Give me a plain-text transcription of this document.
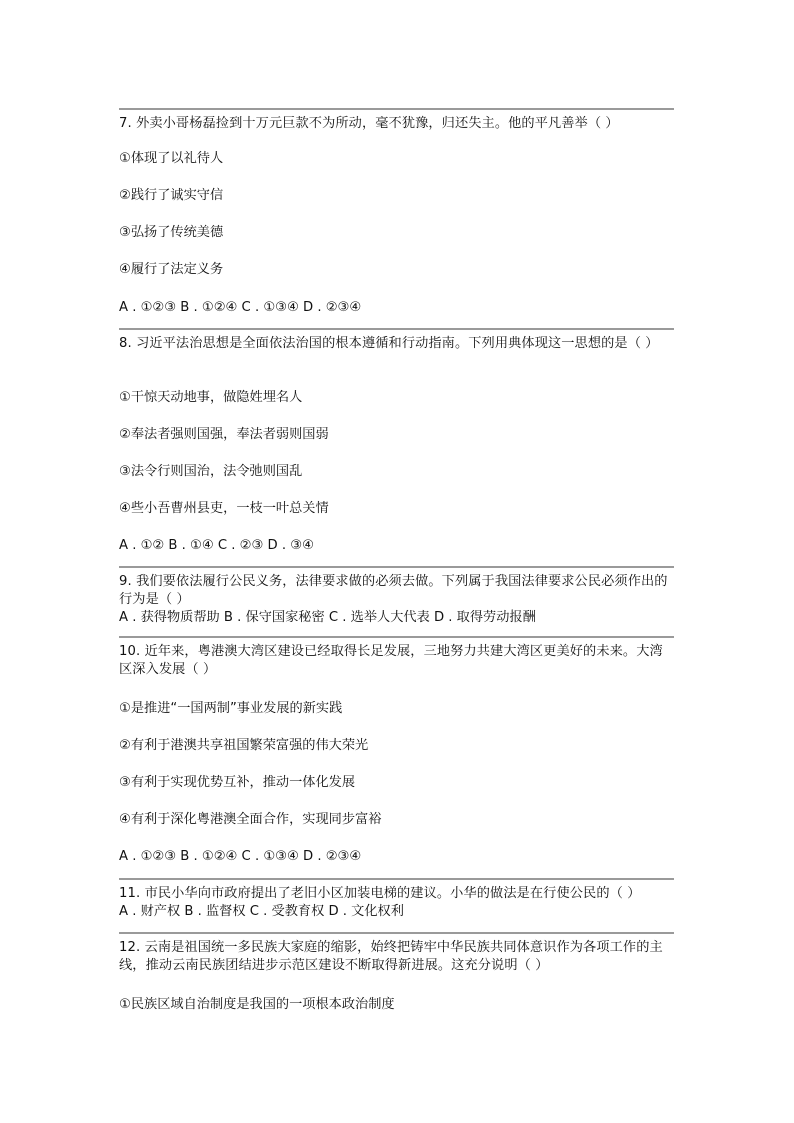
7. 外卖小哥杨磊捡到十万元巨款不为所动，毫不犹豫，归还失主。他的平凡善举（ ）
①体现了以礼待人
②践行了诚实守信
③弘扬了传统美德
④履行了法定义务
A . ①②③ B . ①②④ C . ①③④ D . ②③④
8. 习近平法治思想是全面依法治国的根本遵循和行动指南。下列用典体现这一思想的是（ ）
①干惊天动地事，做隐姓埋名人
②奉法者强则国强，奉法者弱则国弱
③法令行则国治，法令弛则国乱
④些小吾曹州县吏，一枝一叶总关情
A . ①② B . ①④ C . ②③ D . ③④
9. 我们要依法履行公民义务，法律要求做的必须去做。下列属于我国法律要求公民必须作出的行为是（ ）
A . 获得物质帮助 B . 保守国家秘密 C . 选举人大代表 D . 取得劳动报酬
10. 近年来，粤港澳大湾区建设已经取得长足发展，三地努力共建大湾区更美好的未来。大湾区深入发展（ ）
①是推进“一国两制”事业发展的新实践
②有利于港澳共享祖国繁荣富强的伟大荣光
③有利于实现优势互补，推动一体化发展
④有利于深化粤港澳全面合作，实现同步富裕
A . ①②③ B . ①②④ C . ①③④ D . ②③④
11. 市民小华向市政府提出了老旧小区加装电梯的建议。小华的做法是在行使公民的（ ）
A . 财产权 B . 监督权 C . 受教育权 D . 文化权利
12. 云南是祖国统一多民族大家庭的缩影，始终把铸牢中华民族共同体意识作为各项工作的主线，推动云南民族团结进步示范区建设不断取得新进展。这充分说明（ ）
①民族区域自治制度是我国的一项根本政治制度
